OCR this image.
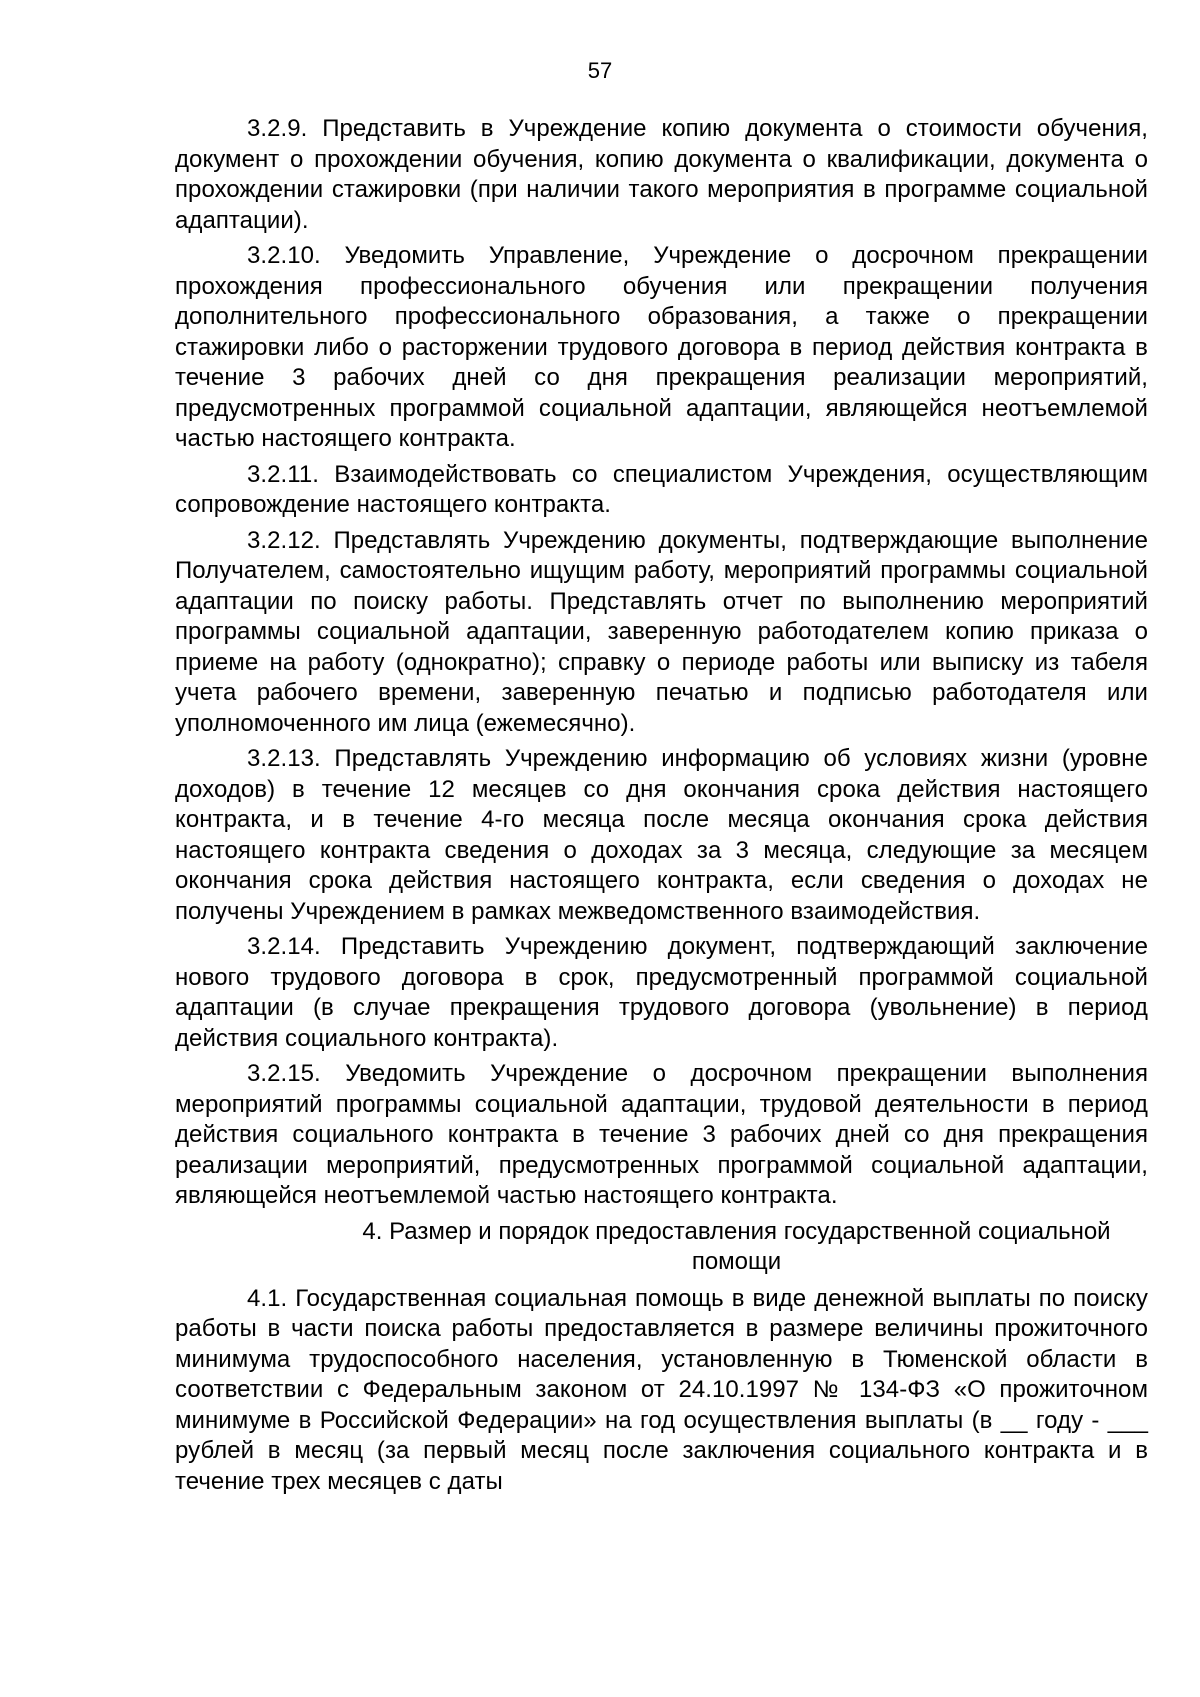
57

3.2.9. Представить в Учреждение копию документа о стоимости обучения, документ о прохождении обучения, копию документа о квалификации, документа о прохождении стажировки (при наличии такого мероприятия в программе социальной адаптации).

3.2.10. Уведомить Управление, Учреждение о досрочном прекращении прохождения профессионального обучения или прекращении получения дополнительного профессионального образования, а также о прекращении стажировки либо о расторжении трудового договора в период действия контракта в течение 3 рабочих дней со дня прекращения реализации мероприятий, предусмотренных программой социальной адаптации, являющейся неотъемлемой частью настоящего контракта.

3.2.11. Взаимодействовать со специалистом Учреждения, осуществляющим сопровождение настоящего контракта.

3.2.12. Представлять Учреждению документы, подтверждающие выполнение Получателем, самостоятельно ищущим работу, мероприятий программы социальной адаптации по поиску работы. Представлять отчет по выполнению мероприятий программы социальной адаптации, заверенную работодателем копию приказа о приеме на работу (однократно); справку о периоде работы или выписку из табеля учета рабочего времени, заверенную печатью и подписью работодателя или уполномоченного им лица (ежемесячно).

3.2.13. Представлять Учреждению информацию об условиях жизни (уровне доходов) в течение 12 месяцев со дня окончания срока действия настоящего контракта, и в течение 4-го месяца после месяца окончания срока действия настоящего контракта сведения о доходах за 3 месяца, следующие за месяцем окончания срока действия настоящего контракта, если сведения о доходах не получены Учреждением в рамках межведомственного взаимодействия.

3.2.14. Представить Учреждению документ, подтверждающий заключение нового трудового договора в срок, предусмотренный программой социальной адаптации (в случае прекращения трудового договора (увольнение) в период действия социального контракта).

3.2.15. Уведомить Учреждение о досрочном прекращении выполнения мероприятий программы социальной адаптации, трудовой деятельности в период действия социального контракта в течение 3 рабочих дней со дня прекращения реализации мероприятий, предусмотренных программой социальной адаптации, являющейся неотъемлемой частью настоящего контракта.

4. Размер и порядок предоставления государственной социальной помощи

4.1. Государственная социальная помощь в виде денежной выплаты по поиску работы в части поиска работы предоставляется в размере величины прожиточного минимума трудоспособного населения, установленную в Тюменской области в соответствии с Федеральным законом от 24.10.1997 № 134-ФЗ «О прожиточном минимуме в Российской Федерации» на год осуществления выплаты (в __ году - ___ рублей в месяц (за первый месяц после заключения социального контракта и в течение трех месяцев с даты
